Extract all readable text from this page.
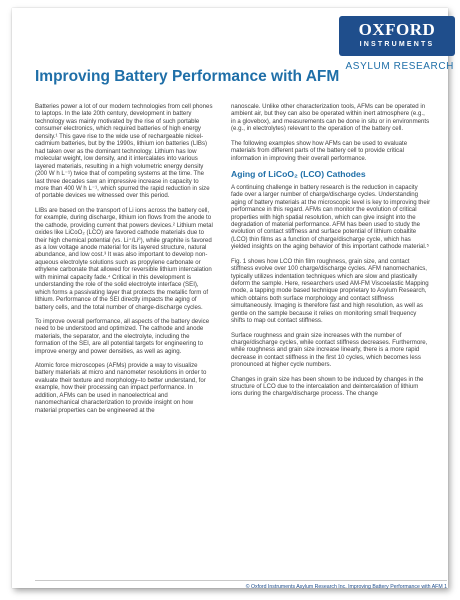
Improving Battery Performance with AFM
OXFORD
INSTRUMENTS
ASYLUM RESEARCH

Batteries power a lot of our modern technologies from cell phones to laptops. In the late 20th century, development in battery technology was mainly motivated by the rise of such portable consumer electronics, which required batteries of high energy density.¹ This gave rise to the wide use of rechargeable nickel-cadmium batteries, but by the 1990s, lithium ion batteries (LIBs) had taken over as the dominant technology. Lithium has low molecular weight, low density, and it intercalates into various layered materials, resulting in a high volumetric energy density (200 W h L⁻¹) twice that of competing systems at the time. The last three decades saw an impressive increase in capacity to more than 400 W h L⁻¹, which spurred the rapid reduction in size of portable devices we witnessed over this period.

LIBs are based on the transport of Li ions across the battery cell, for example, during discharge, lithium ion flows from the anode to the cathode, providing current that powers devices.² Lithium metal oxides like LiCoO₂ (LCO) are favored cathode materials due to their high chemical potential (vs. Li⁺/Li⁰), while graphite is favored as a low voltage anode material for its layered structure, natural abundance, and low cost.³ It was also important to develop non-aqueous electrolyte solutions such as propylene carbonate or ethylene carbonate that allowed for reversible lithium intercalation with minimal capacity fade.⁴ Critical in this development is understanding the role of the solid electrolyte interface (SEI), which forms a passivating layer that protects the metallic form of lithium. Performance of the SEI directly impacts the aging of battery cells, and the total number of charge-discharge cycles.

To improve overall performance, all aspects of the battery device need to be understood and optimized. The cathode and anode materials, the separator, and the electrolyte, including the formation of the SEI, are all potential targets for engineering to improve energy and power densities, as well as aging.

Atomic force microscopes (AFMs) provide a way to visualize battery materials at micro and nanometer resolutions in order to evaluate their texture and morphology–to better understand, for example, how their processing can impact performance. In addition, AFMs can be used in nanoelectrical and nanomechanical characterization to provide insight on how material properties can be engineered at the

nanoscale. Unlike other characterization tools, AFMs can be operated in ambient air, but they can also be operated within inert atmosphere (e.g., in a glovebox), and measurements can be done in situ or in environments (e.g., in electrolytes) relevant to the operation of the battery cell.

The following examples show how AFMs can be used to evaluate materials from different parts of the battery cell to provide critical information in improving their overall performance.

Aging of LiCoO₂ (LCO) Cathodes

A continuing challenge in battery research is the reduction in capacity fade over a larger number of charge/discharge cycles. Understanding aging of battery materials at the microscopic level is key to improving their performance in this regard. AFMs can monitor the evolution of critical properties with high spatial resolution, which can give insight into the degradation of material performance. AFM has been used to study the evolution of contact stiffness and surface potential of lithium cobaltite (LCO) thin films as a function of charge/discharge cycle, which has yielded insights on the aging behavior of this important cathode material.⁵

Fig. 1 shows how LCO thin film roughness, grain size, and contact stiffness evolve over 100 charge/discharge cycles. AFM nanomechanics, typically utilizes indentation techniques which are slow and plastically deform the sample. Here, researchers used AM-FM Viscoelastic Mapping mode, a tapping mode based technique proprietary to Asylum Research, which obtains both surface morphology and contact stiffness simultaneously. Imaging is therefore fast and high resolution, as well as gentle on the sample because it relies on monitoring small frequency shifts to map out contact stiffness.

Surface roughness and grain size increases with the number of charge/discharge cycles, while contact stiffness decreases. Furthermore, while roughness and grain size increase linearly, there is a more rapid decrease in contact stiffness in the first 10 cycles, which becomes less pronounced at higher cycle numbers.

Changes in grain size has been shown to be induced by changes in the structure of LCO due to the intercalation and deintercalation of lithium ions during the charge/discharge process. The change

© Oxford Instruments Asylum Research Inc. Improving Battery Performance with AFM 1
